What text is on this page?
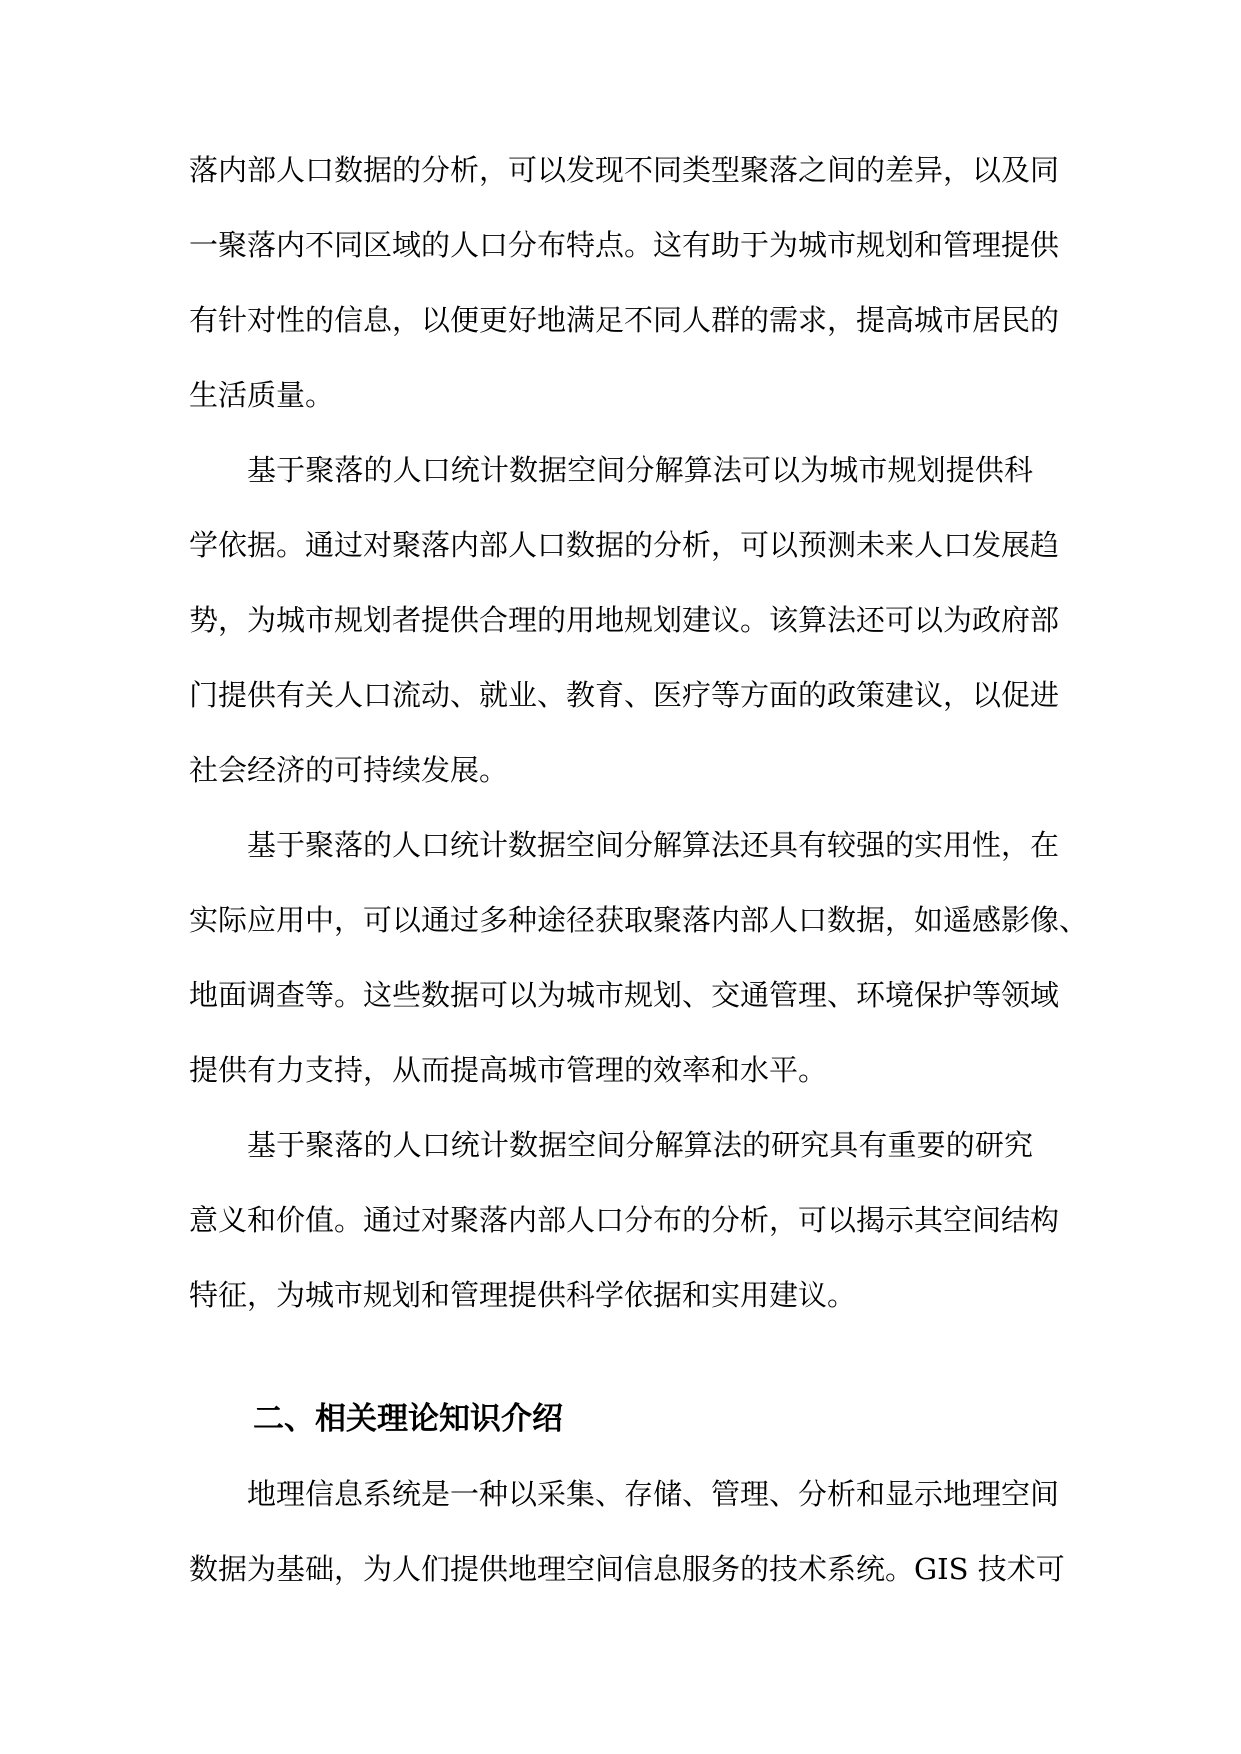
落内部人口数据的分析，可以发现不同类型聚落之间的差异，以及同
一聚落内不同区域的人口分布特点。这有助于为城市规划和管理提供
有针对性的信息，以便更好地满足不同人群的需求，提高城市居民的
生活质量。
基于聚落的人口统计数据空间分解算法可以为城市规划提供科
学依据。通过对聚落内部人口数据的分析，可以预测未来人口发展趋
势，为城市规划者提供合理的用地规划建议。该算法还可以为政府部
门提供有关人口流动、就业、教育、医疗等方面的政策建议，以促进
社会经济的可持续发展。
基于聚落的人口统计数据空间分解算法还具有较强的实用性，在
实际应用中，可以通过多种途径获取聚落内部人口数据，如遥感影像、
地面调查等。这些数据可以为城市规划、交通管理、环境保护等领域
提供有力支持，从而提高城市管理的效率和水平。
基于聚落的人口统计数据空间分解算法的研究具有重要的研究
意义和价值。通过对聚落内部人口分布的分析，可以揭示其空间结构
特征，为城市规划和管理提供科学依据和实用建议。
二、相关理论知识介绍
地理信息系统是一种以采集、存储、管理、分析和显示地理空间
数据为基础，为人们提供地理空间信息服务的技术系统。GIS 技术可
